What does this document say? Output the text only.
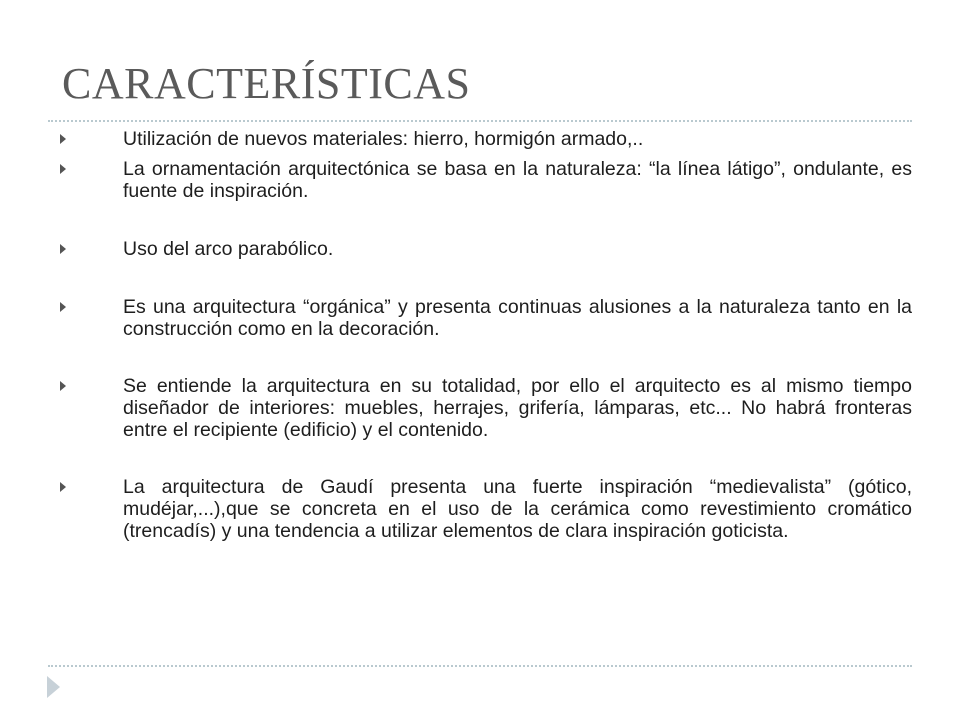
CARACTERÍSTICAS
Utilización de nuevos materiales: hierro, hormigón armado,..
La ornamentación arquitectónica se basa en la naturaleza: “la línea látigo”, ondulante, es fuente de inspiración.
Uso del arco parabólico.
Es una arquitectura “orgánica” y presenta continuas alusiones a la naturaleza tanto en la construcción como en la decoración.
Se entiende la arquitectura en su totalidad, por ello el arquitecto es al mismo tiempo diseñador de interiores: muebles, herrajes, grifería, lámparas, etc... No habrá fronteras entre el recipiente (edificio) y el contenido.
La arquitectura de Gaudí presenta una fuerte inspiración “medievalista” (gótico, mudéjar,...),que se concreta en el uso de la cerámica como revestimiento cromático (trencadís) y una tendencia a utilizar elementos de clara inspiración goticista.
